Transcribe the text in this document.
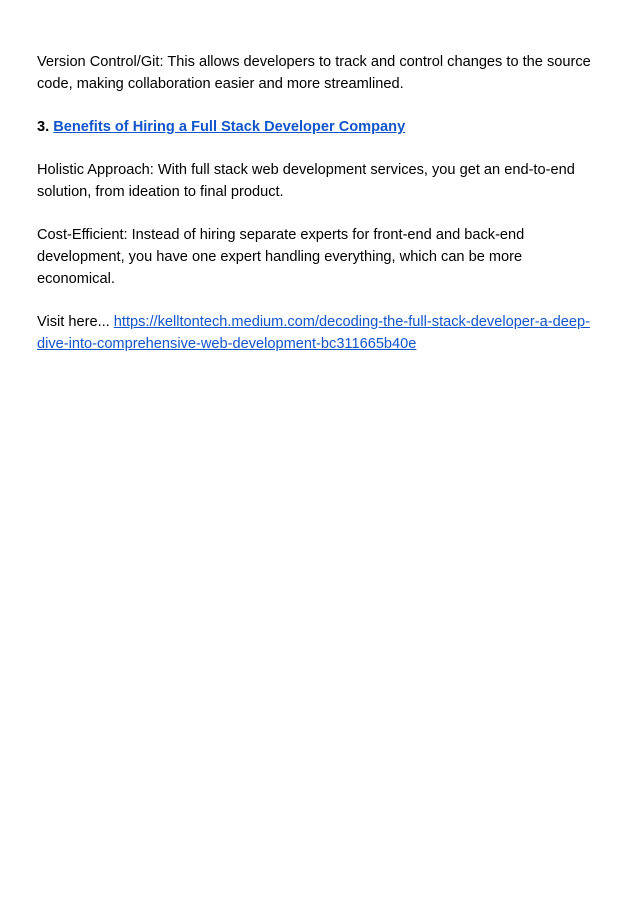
Version Control/Git: This allows developers to track and control changes to the source code, making collaboration easier and more streamlined.

3. Benefits of Hiring a Full Stack Developer Company

Holistic Approach: With full stack web development services, you get an end-to-end solution, from ideation to final product.

Cost-Efficient: Instead of hiring separate experts for front-end and back-end development, you have one expert handling everything, which can be more economical.

Visit here... https://kelltontech.medium.com/decoding-the-full-stack-developer-a-deep-dive-into-comprehensive-web-development-bc311665b40e
